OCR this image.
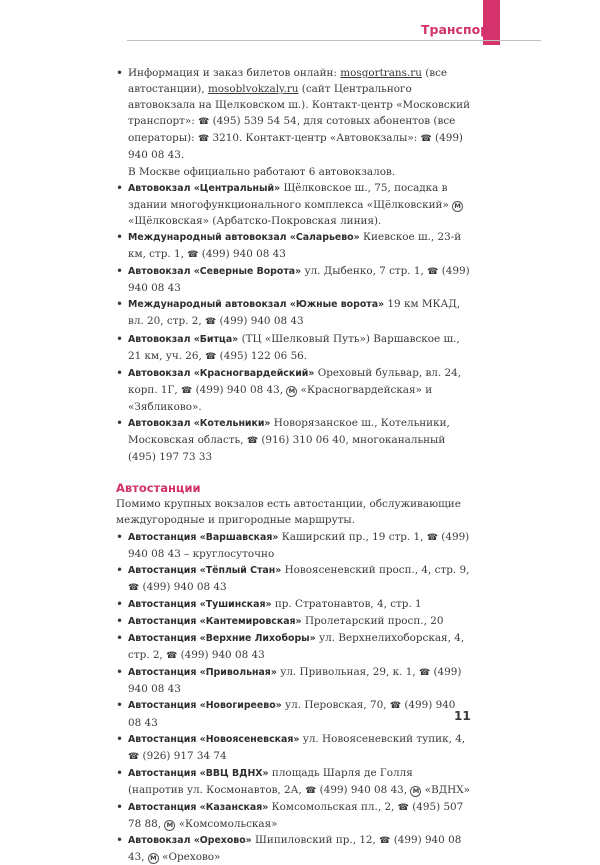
Транспорт
• Информация и заказ билетов онлайн: mosgortrans.ru (все автостанции), mosoblvokzaly.ru (сайт Центрального автовокзала на Щелковском ш.). Контакт-центр «Московский транспорт»: ☎ (495) 539 54 54, для сотовых абонентов (все операторы): ☎ 3210. Контакт-центр «Автовокзалы»: ☎ (499) 940 08 43.
В Москве официально работают 6 автовокзалов.
• Автовокзал «Центральный» Щёлковское ш., 75, посадка в здании многофункционального комплекса «Щёлковский» М «Щёлковская» (Арбатско-Покровская линия).
• Международный автовокзал «Саларьево» Киевское ш., 23-й км, стр. 1, ☎ (499) 940 08 43
• Автовокзал «Северные Ворота» ул. Дыбенко, 7 стр. 1, ☎ (499) 940 08 43
• Международный автовокзал «Южные ворота» 19 км МКАД, вл. 20, стр. 2, ☎ (499) 940 08 43
• Автовокзал «Битца» (ТЦ «Шелковый Путь») Варшавское ш., 21 км, уч. 26, ☎ (495) 122 06 56.
• Автовокзал «Красногвардейский» Ореховый бульвар, вл. 24, корп. 1Г, ☎ (499) 940 08 43, М «Красногвардейская» и «Зябликово».
• Автовокзал «Котельники» Новорязанское ш., Котельники, Московская область, ☎ (916) 310 06 40, многоканальный (495) 197 73 33
Автостанции
Помимо крупных вокзалов есть автостанции, обслуживающие междугородные и пригородные маршруты.
• Автостанция «Варшавская» Каширский пр., 19 стр. 1, ☎ (499) 940 08 43 – круглосуточно
• Автостанция «Тёплый Стан» Новоясеневский просп., 4, стр. 9, ☎ (499) 940 08 43
• Автостанция «Тушинская» пр. Стратонавтов, 4, стр. 1
• Автостанция «Кантемировская» Пролетарский просп., 20
• Автостанция «Верхние Лихоборы» ул. Верхнелихоборская, 4, стр. 2, ☎ (499) 940 08 43
• Автостанция «Привольная» ул. Привольная, 29, к. 1, ☎ (499) 940 08 43
• Автостанция «Новогиреево» ул. Перовская, 70, ☎ (499) 940 08 43
• Автостанция «Новоясеневская» ул. Новоясеневский тупик, 4, ☎ (926) 917 34 74
• Автостанция «ВВЦ ВДНХ» площадь Шарля де Голля (напротив ул. Космонавтов, 2А, ☎ (499) 940 08 43, М «ВДНХ»
• Автостанция «Казанская» Комсомольская пл., 2, ☎ (495) 507 78 88, М «Комсомольская»
• Автовокзал «Орехово» Шипиловский пр., 12, ☎ (499) 940 08 43, М «Орехово»
11
